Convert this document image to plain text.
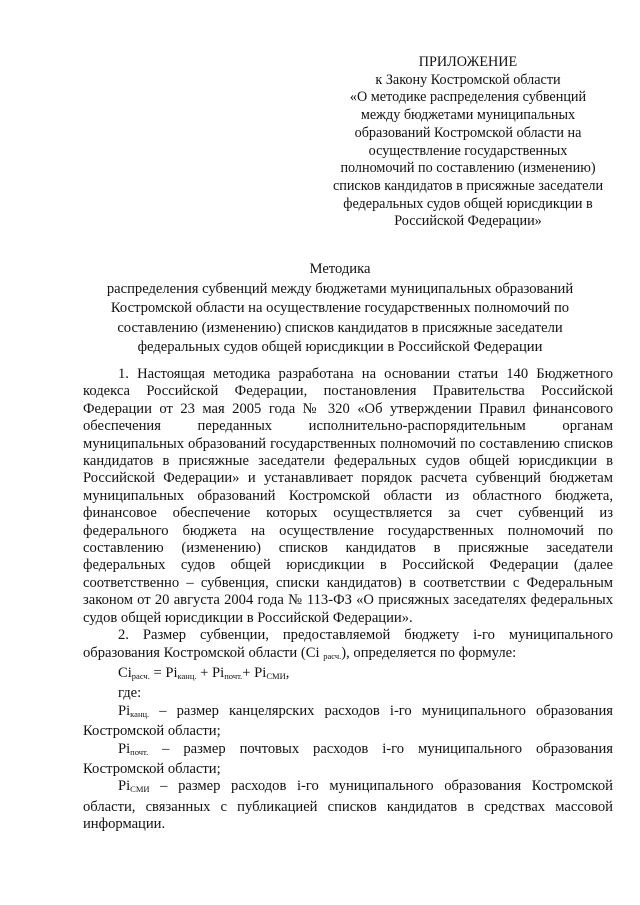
ПРИЛОЖЕНИЕ
к Закону Костромской области
«О методике распределения субвенций
между бюджетами муниципальных
образований Костромской области на
осуществление государственных
полномочий по составлению (изменению)
списков кандидатов в присяжные заседатели
федеральных судов общей юрисдикции в
Российской Федерации»
Методика
распределения субвенций между бюджетами муниципальных образований
Костромской области на осуществление государственных полномочий по
составлению (изменению) списков кандидатов в присяжные заседатели
федеральных судов общей юрисдикции в Российской Федерации
1. Настоящая методика разработана на основании статьи 140 Бюджетного
кодекса Российской Федерации, постановления Правительства Российской
Федерации от 23 мая 2005 года № 320 «Об утверждении Правил финансового
обеспечения переданных исполнительно-распорядительным органам
муниципальных образований государственных полномочий по составлению списков
кандидатов в присяжные заседатели федеральных судов общей юрисдикции в
Российской Федерации» и устанавливает порядок расчета субвенций бюджетам
муниципальных образований Костромской области из областного бюджета,
финансовое обеспечение которых осуществляется за счет субвенций из
федерального бюджета на осуществление государственных полномочий по
составлению (изменению) списков кандидатов в присяжные заседатели
федеральных судов общей юрисдикции в Российской Федерации (далее
соответственно – субвенция, списки кандидатов) в соответствии с Федеральным
законом от 20 августа 2004 года № 113-ФЗ «О присяжных заседателях федеральных
судов общей юрисдикции в Российской Федерации».
2. Размер субвенции, предоставляемой бюджету i-го муниципального
образования Костромской области (Ci $_{расч.}$), определяется по формуле:
$Ci_{расч.} = Pi_{канц.} + Pi_{почт.}+ Pi_{СМИ}$,
где:
$Pi_{канц.}$ – размер канцелярских расходов i-го муниципального образования
Костромской области;
$Pi_{почт.}$ – размер почтовых расходов i-го муниципального образования
Костромской области;
$Pi_{СМИ}$ – размер расходов i-го муниципального образования Костромской
области, связанных с публикацией списков кандидатов в средствах массовой
информации.
